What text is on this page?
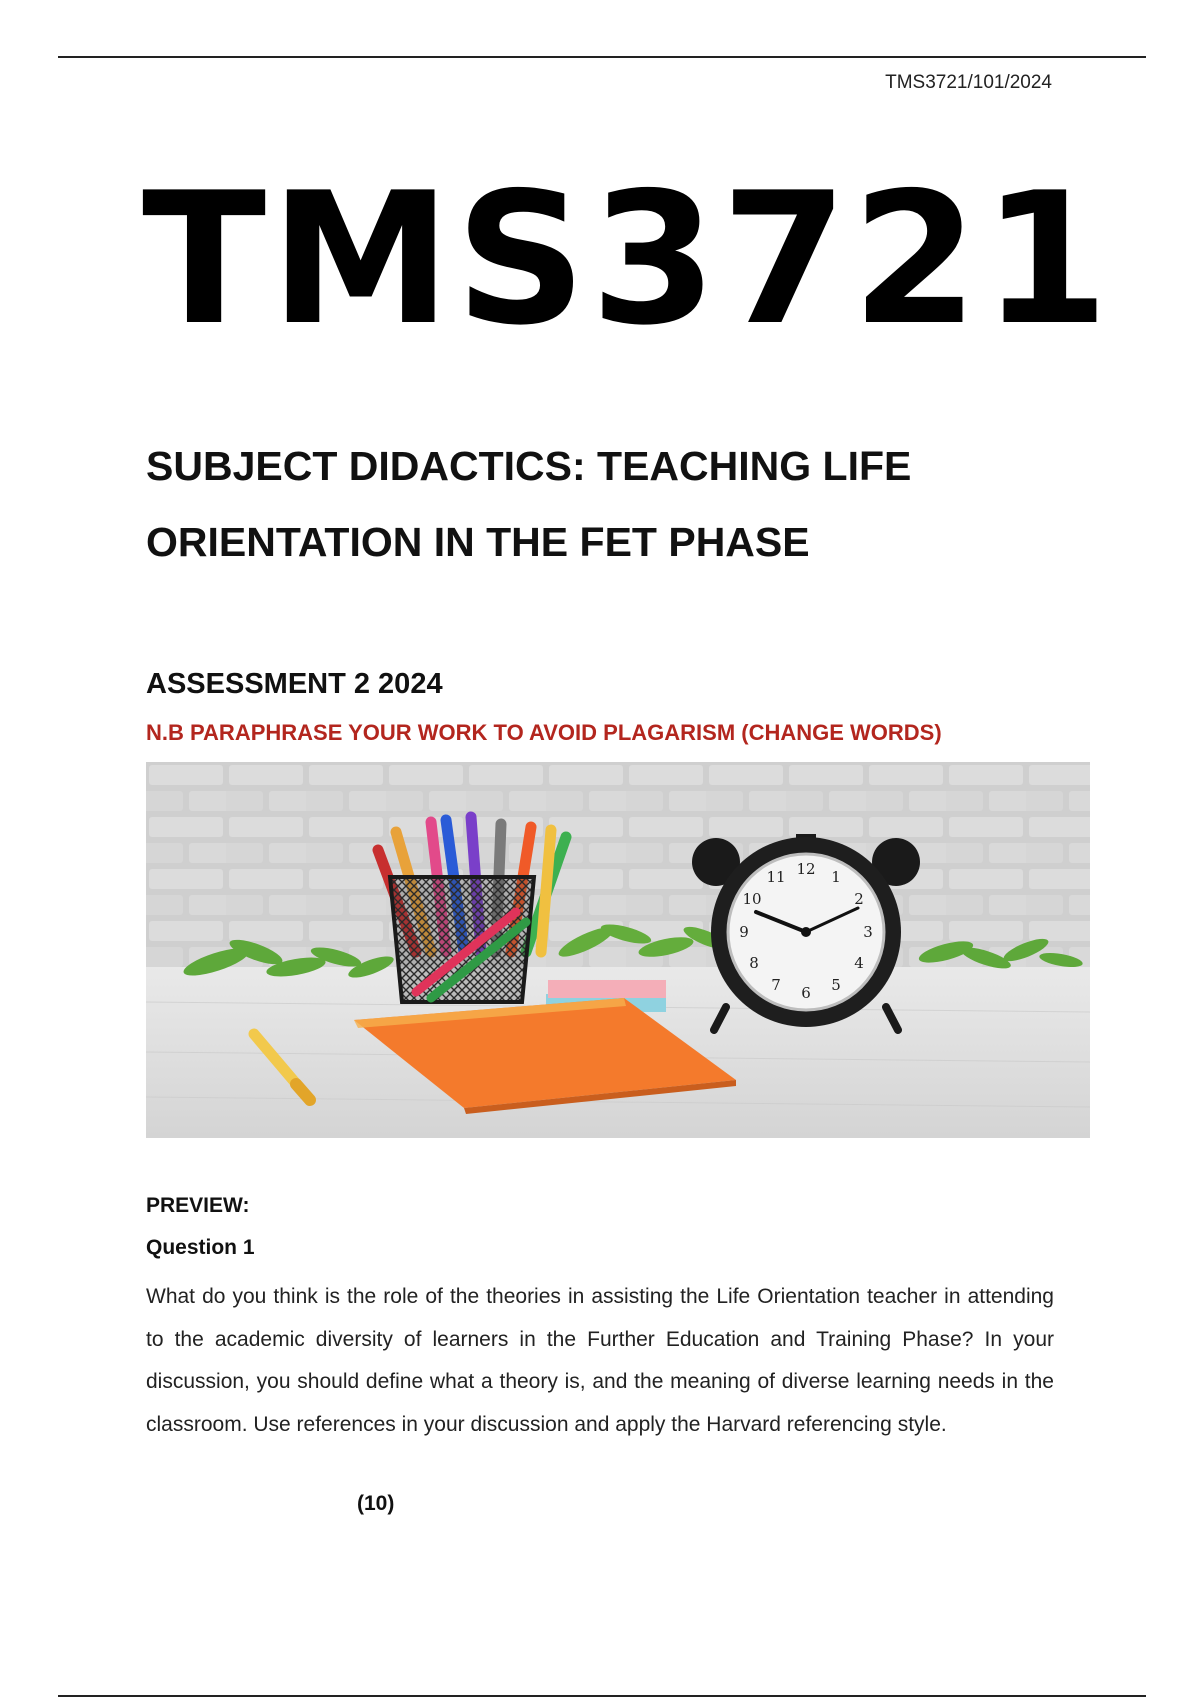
TMS3721/101/2024
TMS3721
SUBJECT DIDACTICS: TEACHING LIFE ORIENTATION IN THE FET PHASE
ASSESSMENT 2 2024
N.B PARAPHRASE YOUR WORK TO AVOID PLAGARISM (CHANGE WORDS)
12 1
2
3
4
5
6
7
8
9
10
11
PREVIEW:
Question 1
What do you think is the role of the theories in assisting the Life Orientation teacher in attending to the academic diversity of learners in the Further Education and Training Phase? In your discussion, you should define what a theory is, and the meaning of diverse learning needs in the classroom. Use references in your discussion and apply the Harvard referencing style.
(10)
